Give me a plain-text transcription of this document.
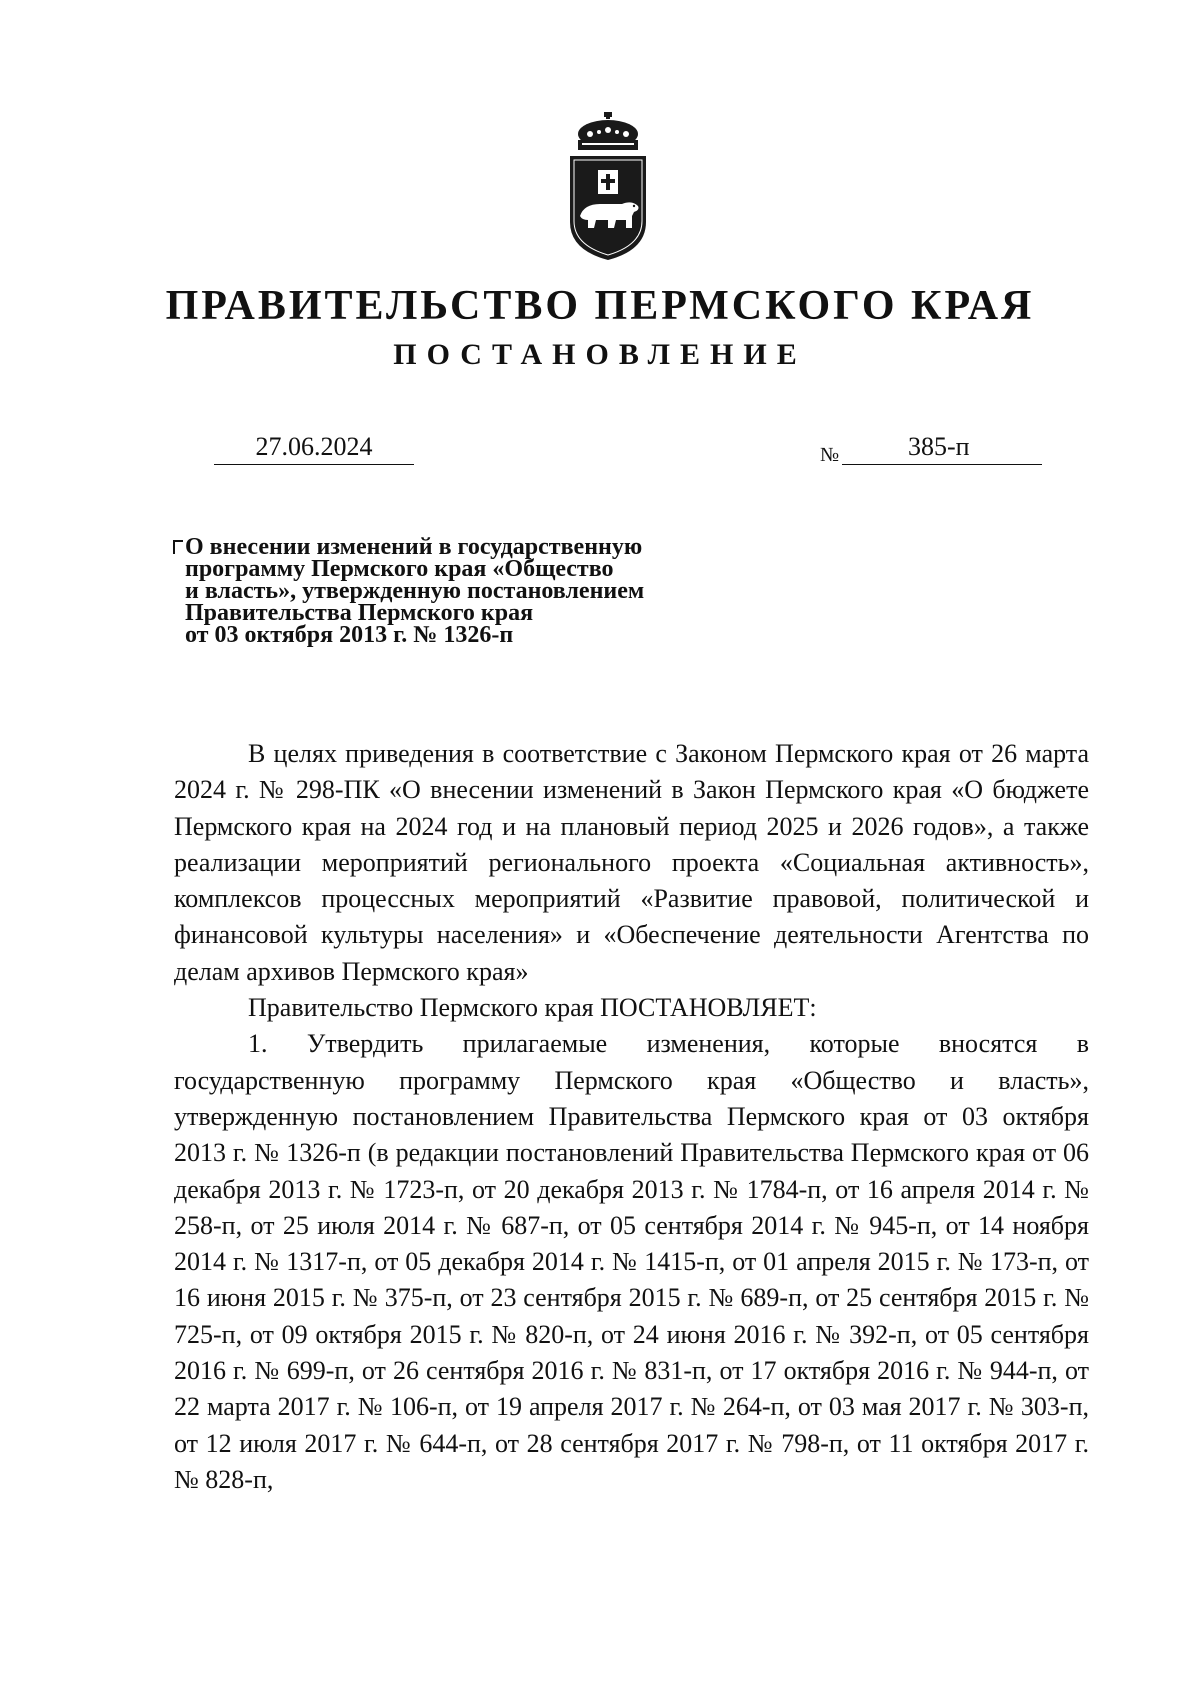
ПРАВИТЕЛЬСТВО ПЕРМСКОГО КРАЯ
ПОСТАНОВЛЕНИЕ
27.06.2024	№	385-п
О внесении изменений в государственную
программу Пермского края «Общество
и власть», утвержденную постановлением
Правительства Пермского края
от 03 октября 2013 г. № 1326-п

В целях приведения в соответствие с Законом Пермского края от 26 марта 2024 г. № 298-ПК «О внесении изменений в Закон Пермского края «О бюджете Пермского края на 2024 год и на плановый период 2025 и 2026 годов», а также реализации мероприятий регионального проекта «Социальная активность», комплексов процессных мероприятий «Развитие правовой, политической и финансовой культуры населения» и «Обеспечение деятельности Агентства по делам архивов Пермского края»

Правительство Пермского края ПОСТАНОВЛЯЕТ:

1. Утвердить прилагаемые изменения, которые вносятся в государственную программу Пермского края «Общество и власть», утвержденную постановлением Правительства Пермского края от 03 октября 2013 г. № 1326-п (в редакции постановлений Правительства Пермского края от 06 декабря 2013 г. № 1723-п, от 20 декабря 2013 г. № 1784-п, от 16 апреля 2014 г. № 258-п, от 25 июля 2014 г. № 687-п, от 05 сентября 2014 г. № 945-п, от 14 ноября 2014 г. № 1317-п, от 05 декабря 2014 г. № 1415-п, от 01 апреля 2015 г. № 173-п, от 16 июня 2015 г. № 375-п, от 23 сентября 2015 г. № 689-п, от 25 сентября 2015 г. № 725-п, от 09 октября 2015 г. № 820-п, от 24 июня 2016 г. № 392-п, от 05 сентября 2016 г. № 699-п, от 26 сентября 2016 г. № 831-п, от 17 октября 2016 г. № 944-п, от 22 марта 2017 г. № 106-п, от 19 апреля 2017 г. № 264-п, от 03 мая 2017 г. № 303-п, от 12 июля 2017 г. № 644-п, от 28 сентября 2017 г. № 798-п, от 11 октября 2017 г. № 828-п,
